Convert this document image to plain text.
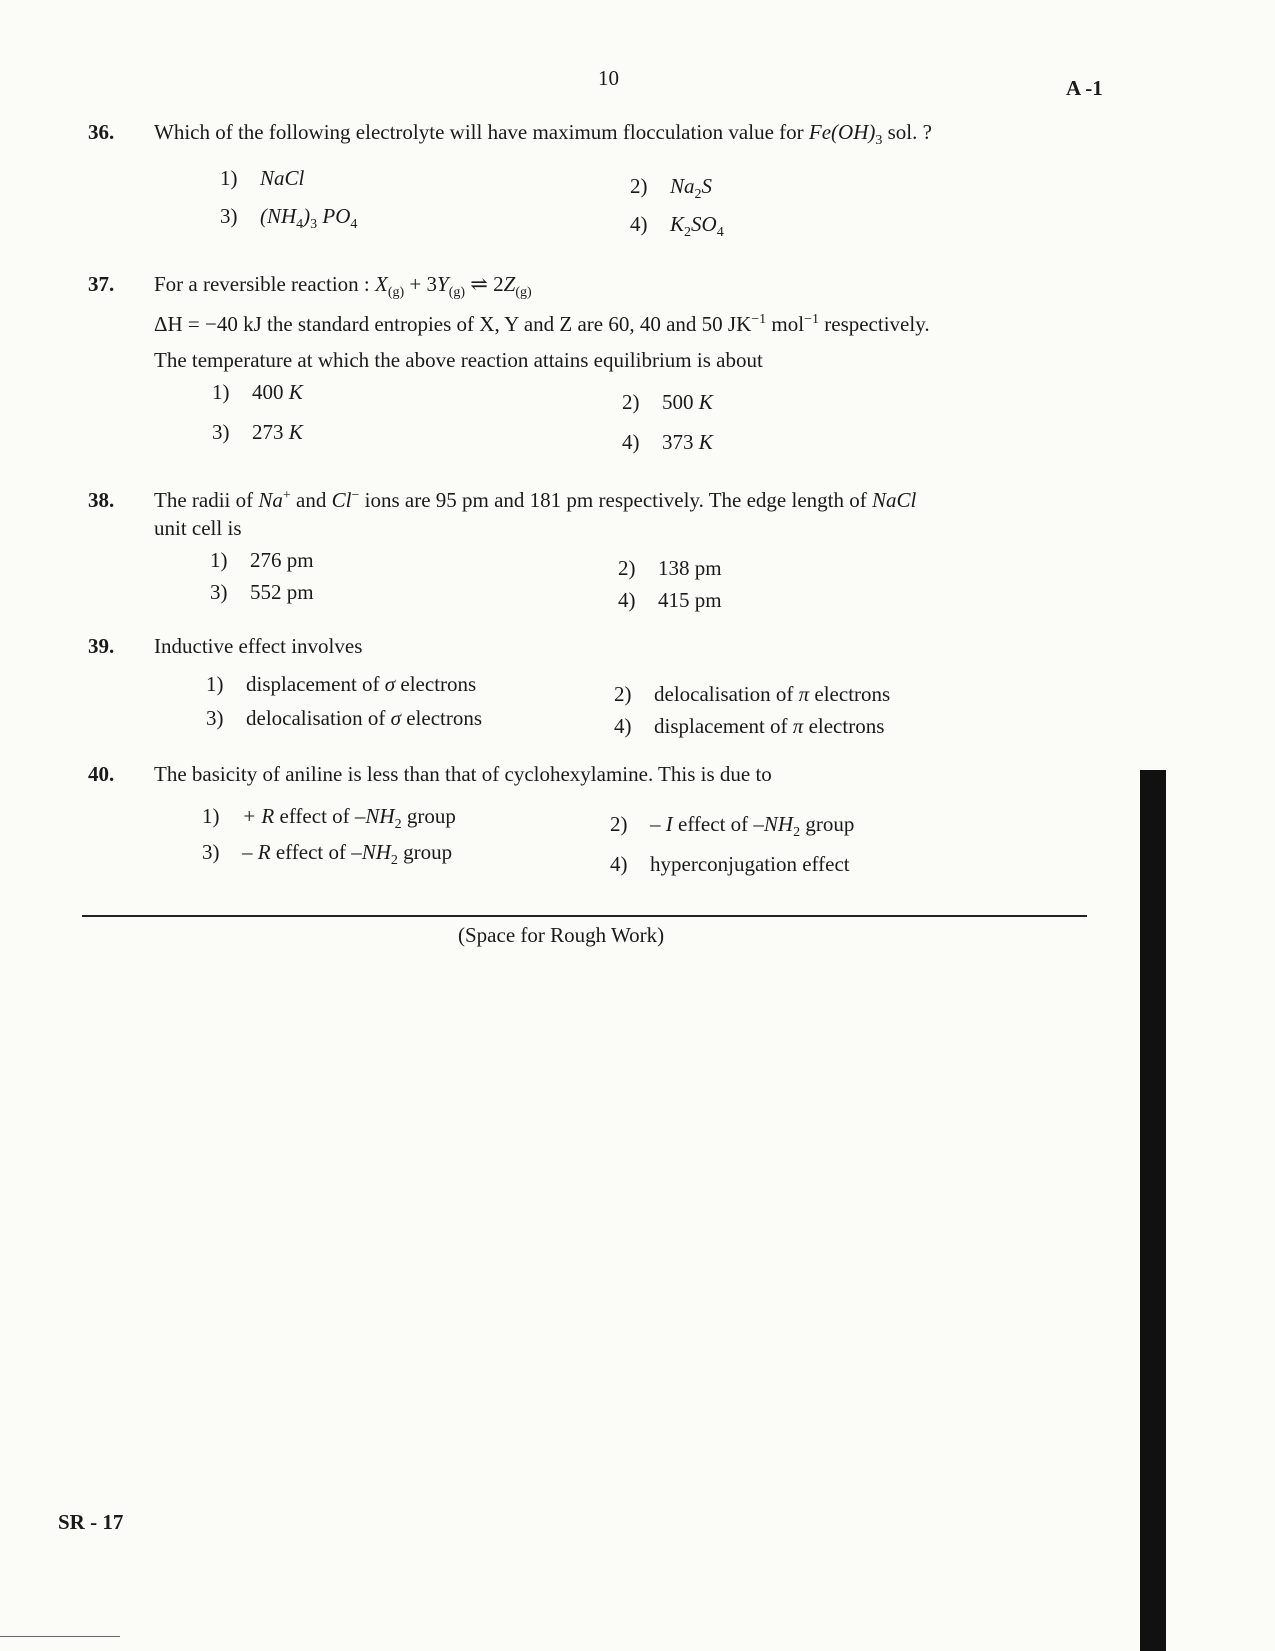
10	A -1
36.	Which of the following electrolyte will have maximum flocculation value for $Fe(OH)_3$ sol. ?
1) NaCl	2) $Na_2S$
3) $(NH_4)_3$ $PO_4$	4) $K_2SO_4$
37.	For a reversible reaction : $X_{(g)} + 3Y_{(g)}$ ⇌ $2Z_{(g)}$
ΔH = −40 kJ the standard entropies of X, Y and Z are 60, 40 and 50 $JK^{-1}$ mol$^{-1}$ respectively.
The temperature at which the above reaction attains equilibrium is about
1) 400 K	2) 500 K
3) 273 K	4) 373 K
38.	The radii of Na+ and Cl− ions are 95 pm and 181 pm respectively. The edge length of NaCl
unit cell is
1) 276 pm	2) 138 pm
3) 552 pm	4) 415 pm
39.	Inductive effect involves
1) displacement of σ electrons	2) delocalisation of π electrons
3) delocalisation of σ electrons	4) displacement of π electrons
40.	The basicity of aniline is less than that of cyclohexylamine. This is due to
1) + R effect of $-NH_2$ group	2) – I effect of $-NH_2$ group
3) – R effect of $-NH_2$ group	4) hyperconjugation effect
(Space for Rough Work)
SR - 17
